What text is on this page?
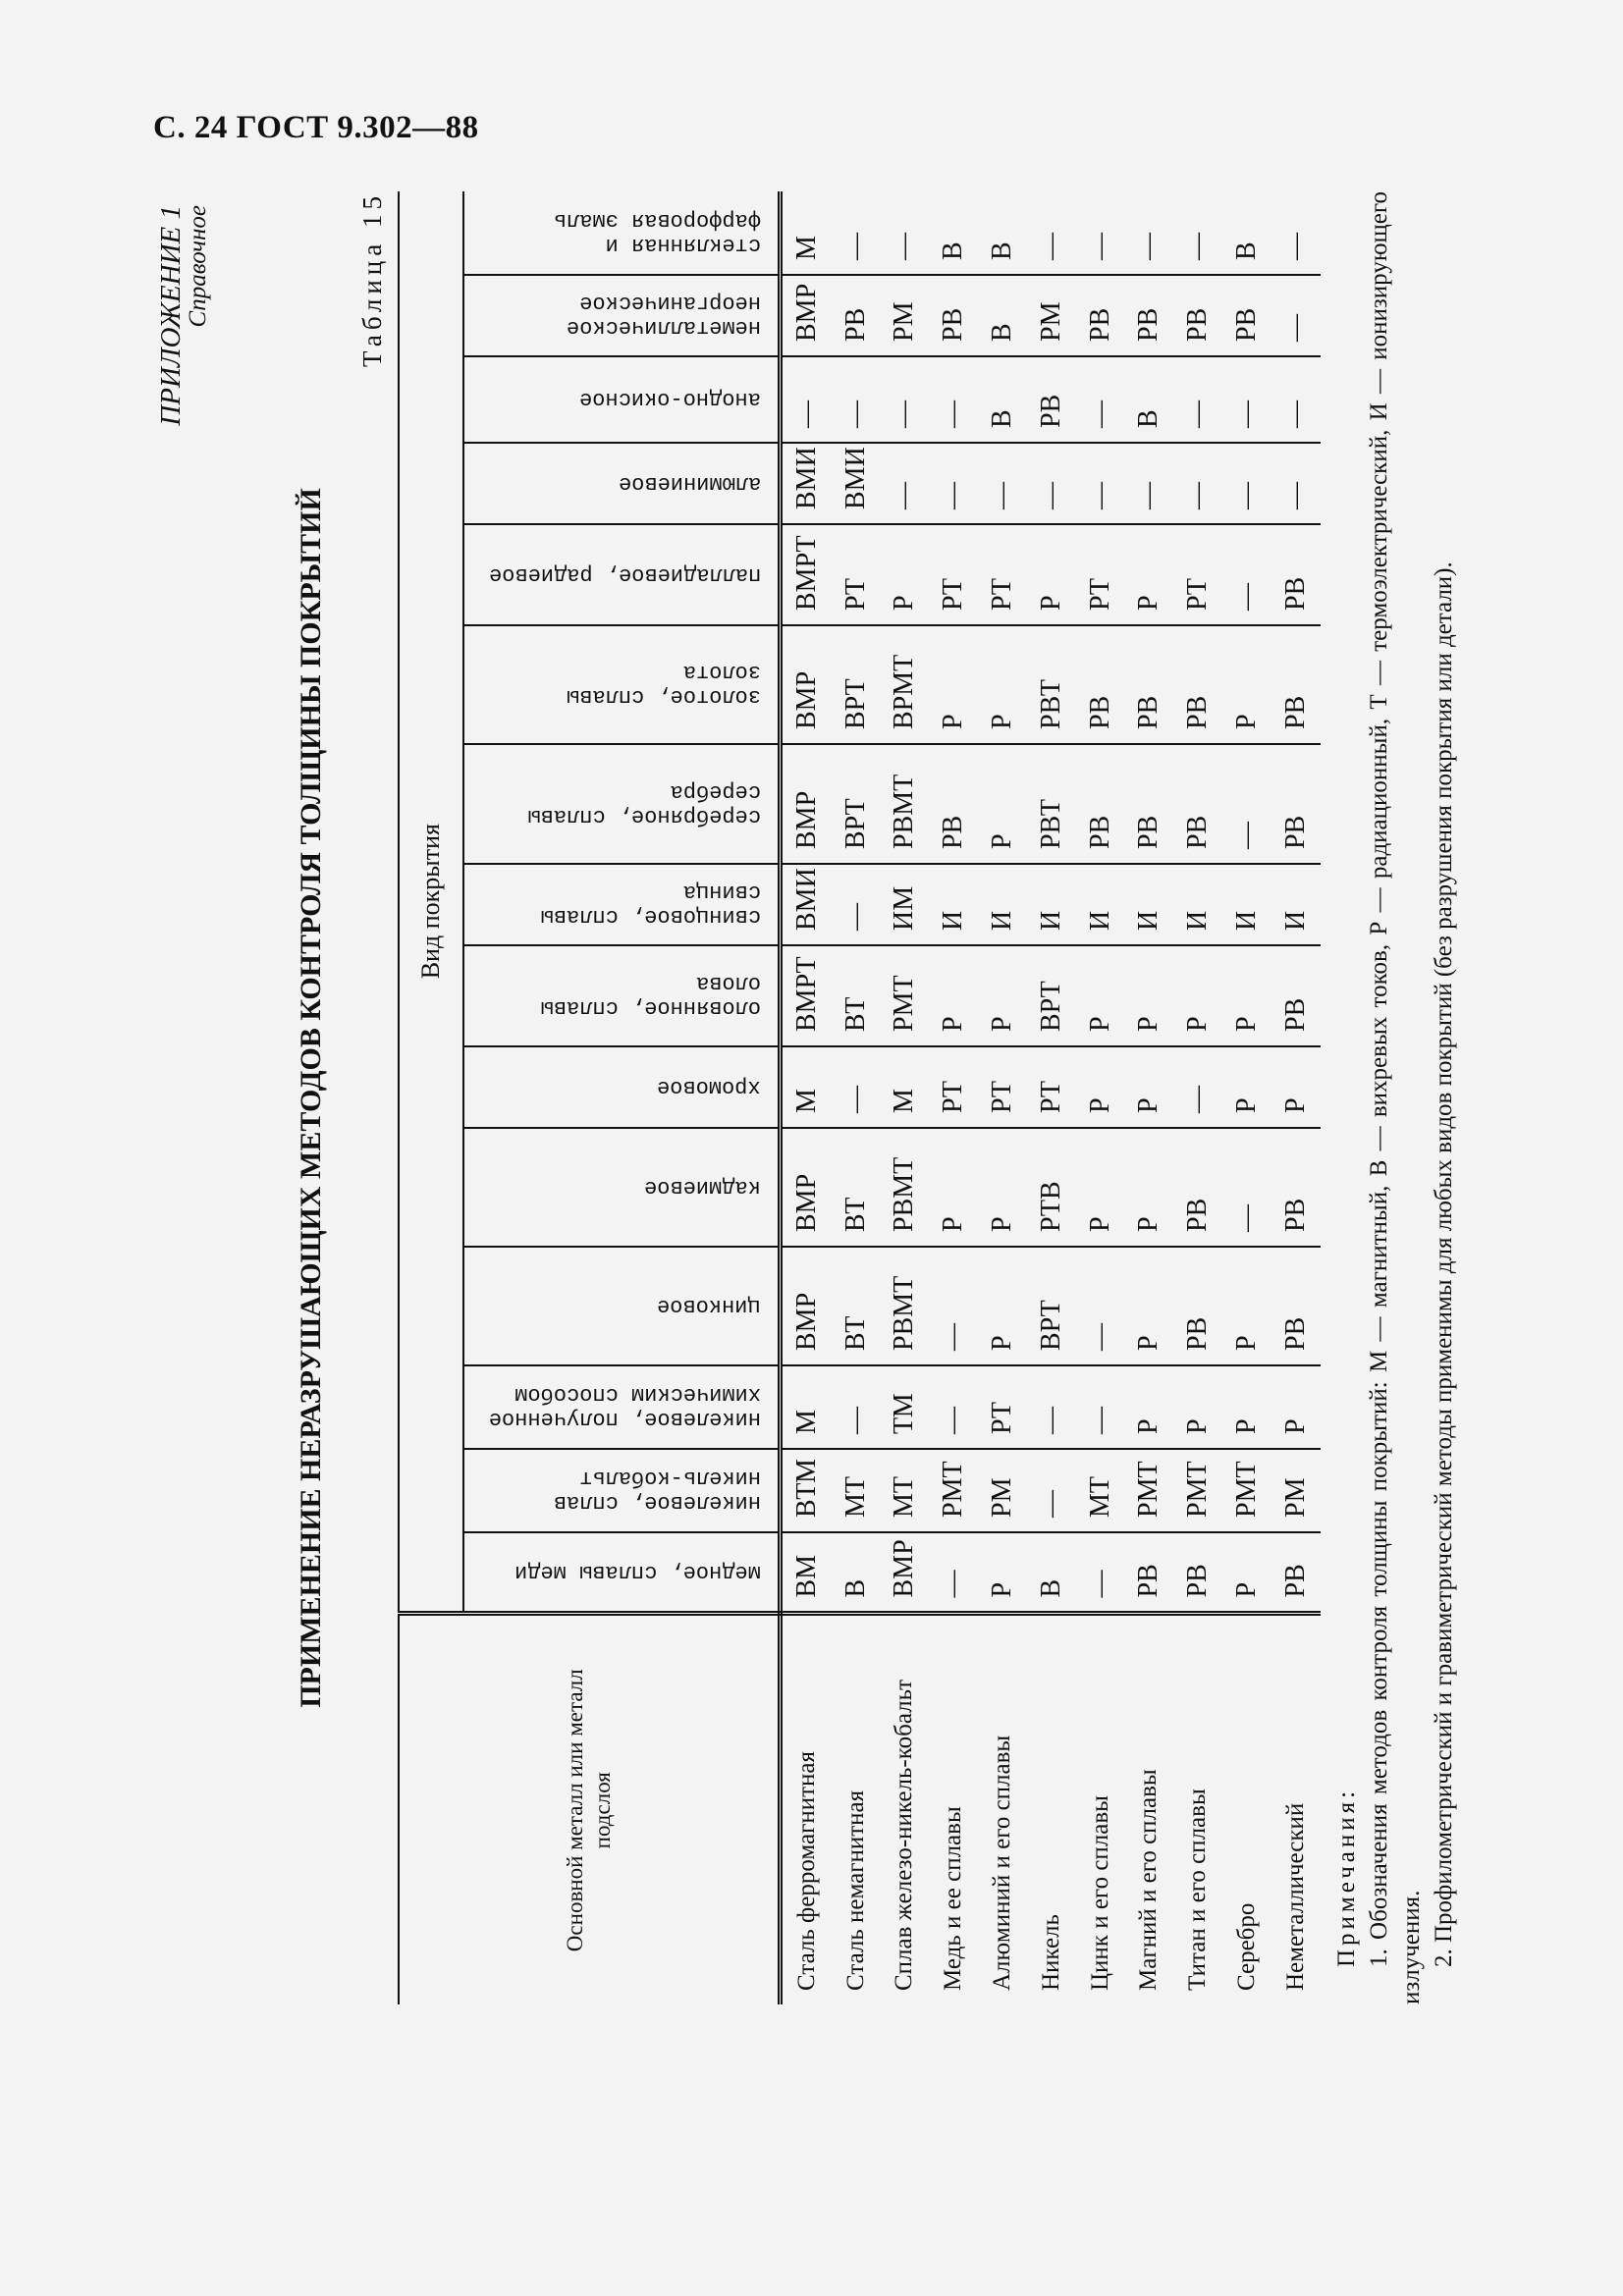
С. 24 ГОСТ 9.302—88
ПРИЛОЖЕНИЕ 1
Справочное
ПРИМЕНЕНИЕ НЕРАЗРУШАЮЩИХ МЕТОДОВ КОНТРОЛЯ ТОЛЩИНЫ ПОКРЫТИЙ
Таблица 15
Основной металл или металл подслоя	Вид покрытия														
	медное, сплавы меди	никелевое, сплав никель-кобальт	никелевое, полученное химическим способом	цинковое	кадмиевое	хромовое	оловянное, сплавы олова	свинцовое, сплавы свинца	серебряное, сплавы серебра	золотое, сплавы золота	палладиевое, радиевое	алюминиевое	анодно-окисное	неметаллическое неорганическое	стеклянная и фарфоровая эмаль
Сталь ферромагнитная	ВМ	ВТМ	М	ВМР	ВМР	М	ВМРТ	ВМИ	ВМР	ВМР	ВМРТ	ВМИ	—	ВМР	М
Сталь немагнитная	В	МТ	—	ВТ	ВТ	—	ВТ	—	ВРТ	ВРТ	РТ	ВМИ	—	РВ	—
Сплав железо-никель-кобальт	ВМР	МТ	ТМ	РВМТ	РВМТ	М	РМТ	ИМ	РВМТ	ВРМТ	Р	—	—	РМ	—
Медь и ее сплавы	—	РМТ	—	—	Р	РТ	Р	И	РВ	Р	РТ	—	—	РВ	В
Алюминий и его сплавы	Р	РМ	РТ	Р	Р	РТ	Р	И	Р	Р	РТ	—	В	В	В
Никель	В	—	—	ВРТ	РТВ	РТ	ВРТ	И	РВТ	РВТ	Р	—	РВ	РМ	—
Цинк и его сплавы	—	МТ	—	—	Р	Р	Р	И	РВ	РВ	РТ	—	—	РВ	—
Магний и его сплавы	РВ	РМТ	Р	Р	Р	Р	Р	И	РВ	РВ	Р	—	В	РВ	—
Титан и его сплавы	РВ	РМТ	Р	РВ	РВ	—	Р	И	РВ	РВ	РТ	—	—	РВ	—
Серебро	Р	РМТ	Р	Р	—	Р	Р	И	—	Р	—	—	—	РВ	В
Неметаллический	РВ	РМ	Р	РВ	РВ	Р	РВ	И	РВ	РВ	РВ	—	—	—	—
Примечания: 1. Обозначения методов контроля толщины покрытий: М — магнитный, В — вихревых токов, Р — радиационный, Т — термоэлектрический, И — ионизирующего излучения. 2. Профилометрический и гравиметрический методы применимы для любых видов покрытий (без разрушения покрытия или детали).
